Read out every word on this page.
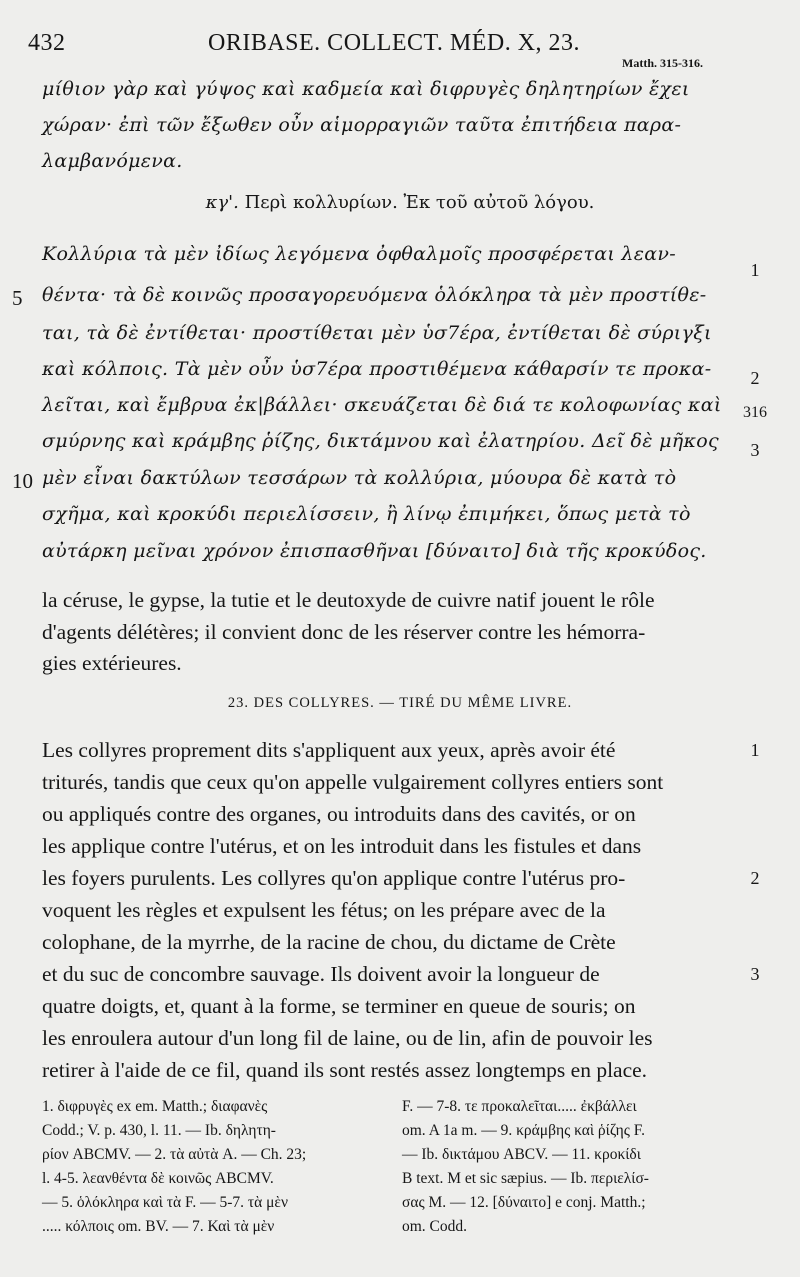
432	ORIBASE. COLLECT. MÉD. X, 23.
Matth. 315-316.
μίθιον γὰρ καὶ γύψος καὶ καδμεία καὶ διφρυγὲς δηλητηρίων ἔχει
χώραν· ἐπὶ τῶν ἔξωθεν οὖν αἱμορραγιῶν ταῦτα ἐπιτήδεια παρα-
λαμβανόμενα.
κγ'. Περὶ κολλυρίων. Ἐκ τοῦ αὐτοῦ λόγου.
Κολλύρια τὰ μὲν ἰδίως λεγόμενα ὀφθαλμοῖς προσφέρεται λεαν-
θέντα· τὰ δὲ κοινῶς προσαγορευόμενα ὁλόκληρα τὰ μὲν προστίθε-
ται, τὰ δὲ ἐντίθεται· προστίθεται μὲν ὑσ7έρα, ἐντίθεται δὲ σύριγξι
καὶ κόλποις. Τὰ μὲν οὖν ὑσ7έρα προστιθέμενα κάθαρσίν τε προκα-
λεῖται, καὶ ἔμβρυα ἐκ|βάλλει· σκευάζεται δὲ διά τε κολοφωνίας καὶ
σμύρνης καὶ κράμβης ῥίζης, δικτάμνου καὶ ἐλατηρίου. Δεῖ δὲ μῆκος
μὲν εἶναι δακτύλων τεσσάρων τὰ κολλύρια, μύουρα δὲ κατὰ τὸ
σχῆμα, καὶ κροκύδι περιελίσσειν, ἢ λίνῳ ἐπιμήκει, ὅπως μετὰ τὸ
αὐτάρκη μεῖναι χρόνον ἐπισπασθῆναι [δύναιτο] διὰ τῆς κροκύδος.
5
10
1
2
316
3
la céruse, le gypse, la tutie et le deutoxyde de cuivre natif jouent le rôle
d'agents délétères; il convient donc de les réserver contre les hémorra-
gies extérieures.
23. DES COLLYRES. — TIRÉ DU MÊME LIVRE.
Les collyres proprement dits s'appliquent aux yeux, après avoir été
triturés, tandis que ceux qu'on appelle vulgairement collyres entiers sont
ou appliqués contre des organes, ou introduits dans des cavités, or on
les applique contre l'utérus, et on les introduit dans les fistules et dans
les foyers purulents. Les collyres qu'on applique contre l'utérus pro-
voquent les règles et expulsent les fétus; on les prépare avec de la
colophane, de la myrrhe, de la racine de chou, du dictame de Crète
et du suc de concombre sauvage. Ils doivent avoir la longueur de
quatre doigts, et, quant à la forme, se terminer en queue de souris; on
les enroulera autour d'un long fil de laine, ou de lin, afin de pouvoir les
retirer à l'aide de ce fil, quand ils sont restés assez longtemps en place.
1
2
3
1. διφρυγὲς ex em. Matth.; διαφανὲς
Codd.; V. p. 430, l. 11. — Ib. δηλητη-
ρίον ABCMV. — 2. τὰ αὐτὰ A. — Ch. 23;
l. 4-5. λεανθέντα δὲ κοινῶς ABCMV.
— 5. ὁλόκληρα καὶ τὰ F. — 5-7. τὰ μὲν
..... κόλποις om. BV. — 7. Καὶ τὰ μὲν
F. — 7-8. τε προκαλεῖται..... ἐκβάλλει
om. A 1a m. — 9. κράμβης καὶ ῥίζης F.
— Ib. δικτάμου ABCV. — 11. κροκίδι
B text. M et sic sæpius. — Ib. περιελίσ-
σας M. — 12. [δύναιτο] e conj. Matth.;
om. Codd.
